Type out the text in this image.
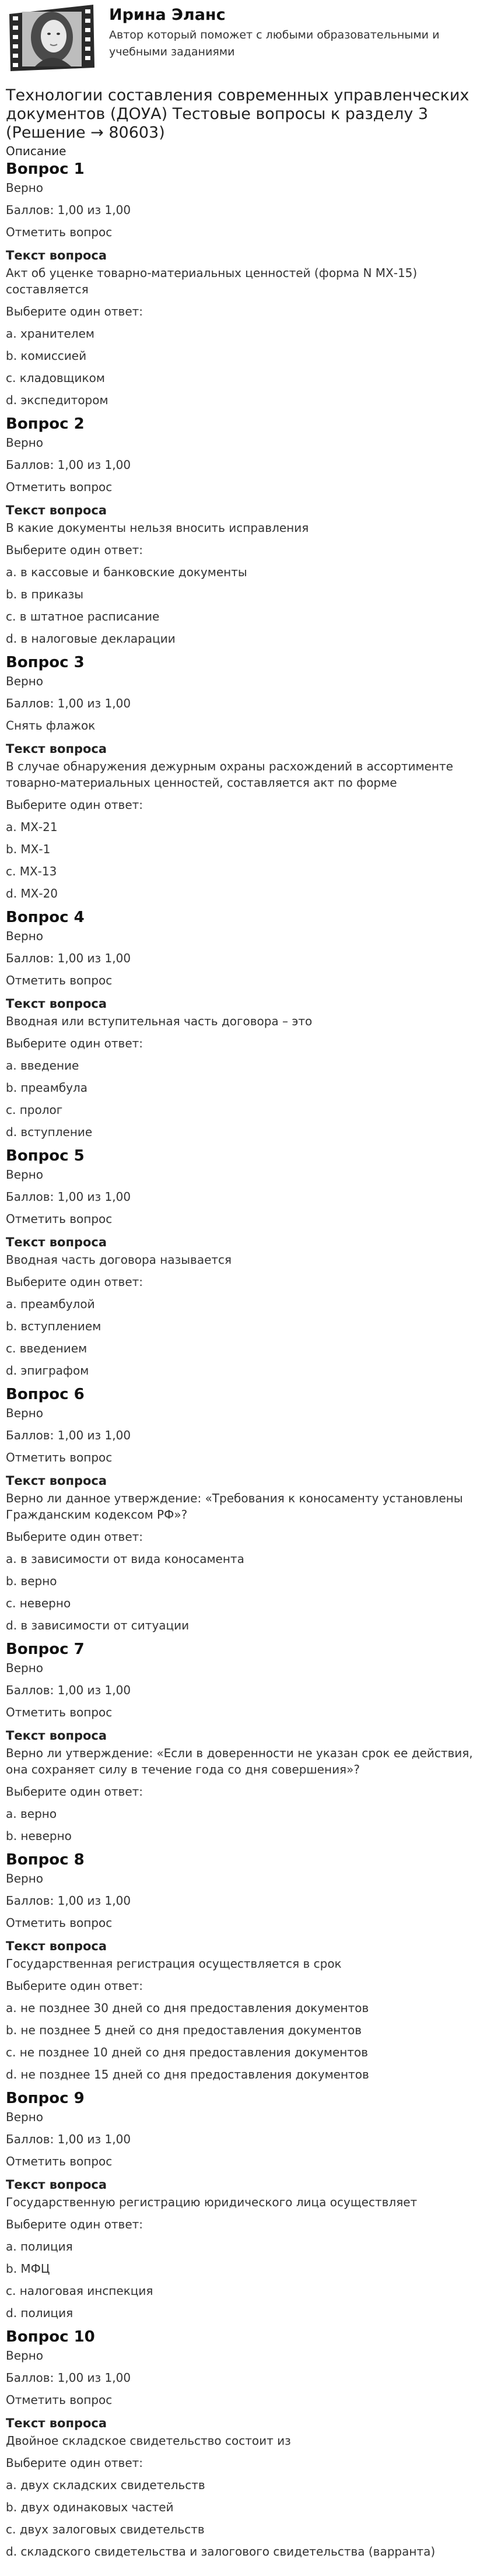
Ирина Эланс
Автор который поможет с любыми образовательными и учебными заданиями
Технологии составления современных управленческих документов (ДОУА) Тестовые вопросы к разделу 3 (Решение → 80603)
Описание
Вопрос 1
Верно
Баллов: 1,00 из 1,00
Отметить вопрос
Текст вопроса
Акт об уценке товарно-материальных ценностей (форма N МХ-15) составляется
Выберите один ответ:
a. хранителем
b. комиссией
c. кладовщиком
d. экспедитором
Вопрос 2
Верно
Баллов: 1,00 из 1,00
Отметить вопрос
Текст вопроса
В какие документы нельзя вносить исправления
Выберите один ответ:
a. в кассовые и банковские документы
b. в приказы
c. в штатное расписание
d. в налоговые декларации
Вопрос 3
Верно
Баллов: 1,00 из 1,00
Снять флажок
Текст вопроса
В случае обнаружения дежурным охраны расхождений в ассортименте товарно-материальных ценностей, составляется акт по форме
Выберите один ответ:
a. МХ-21
b. МХ-1
c. МХ-13
d. МХ-20
Вопрос 4
Верно
Баллов: 1,00 из 1,00
Отметить вопрос
Текст вопроса
Вводная или вступительная часть договора – это
Выберите один ответ:
a. введение
b. преамбула
c. пролог
d. вступление
Вопрос 5
Верно
Баллов: 1,00 из 1,00
Отметить вопрос
Текст вопроса
Вводная часть договора называется
Выберите один ответ:
a. преамбулой
b. вступлением
c. введением
d. эпиграфом
Вопрос 6
Верно
Баллов: 1,00 из 1,00
Отметить вопрос
Текст вопроса
Верно ли данное утверждение: «Требования к коносаменту установлены Гражданским кодексом РФ»?
Выберите один ответ:
a. в зависимости от вида коносамента
b. верно
c. неверно
d. в зависимости от ситуации
Вопрос 7
Верно
Баллов: 1,00 из 1,00
Отметить вопрос
Текст вопроса
Верно ли утверждение: «Если в доверенности не указан срок ее действия, она сохраняет силу в течение года со дня совершения»?
Выберите один ответ:
a. верно
b. неверно
Вопрос 8
Верно
Баллов: 1,00 из 1,00
Отметить вопрос
Текст вопроса
Государственная регистрация осуществляется в срок
Выберите один ответ:
a. не позднее 30 дней со дня предоставления документов
b. не позднее 5 дней со дня предоставления документов
c. не позднее 10 дней со дня предоставления документов
d. не позднее 15 дней со дня предоставления документов
Вопрос 9
Верно
Баллов: 1,00 из 1,00
Отметить вопрос
Текст вопроса
Государственную регистрацию юридического лица осуществляет
Выберите один ответ:
a. полиция
b. МФЦ
c. налоговая инспекция
d. полиция
Вопрос 10
Верно
Баллов: 1,00 из 1,00
Отметить вопрос
Текст вопроса
Двойное складское свидетельство состоит из
Выберите один ответ:
a. двух складских свидетельств
b. двух одинаковых частей
c. двух залоговых свидетельств
d. складского свидетельства и залогового свидетельства (варранта)
